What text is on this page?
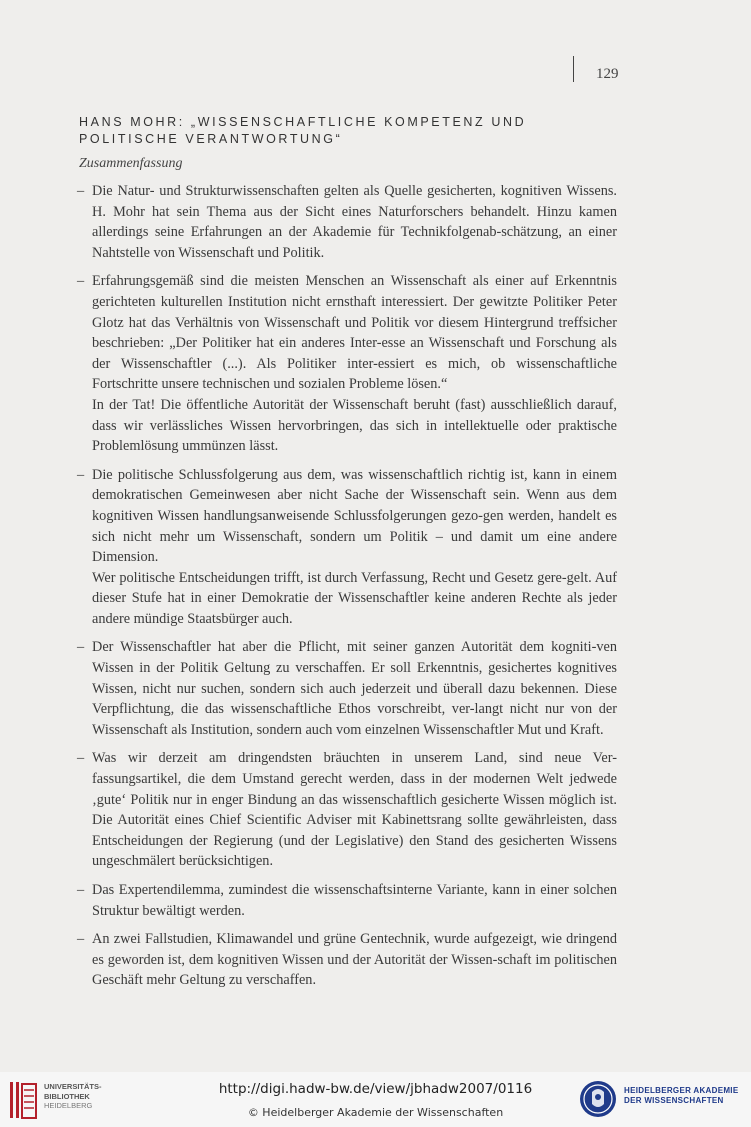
129
HANS MOHR: „WISSENSCHAFTLICHE KOMPETENZ UND
POLITISCHE VERANTWORTUNG“
Zusammenfassung
– Die Natur- und Strukturwissenschaften gelten als Quelle gesicherten, kognitiven Wissens. H. Mohr hat sein Thema aus der Sicht eines Naturforschers behandelt. Hinzu kamen allerdings seine Erfahrungen an der Akademie für Technikfolgenab-schätzung, an einer Nahtstelle von Wissenschaft und Politik.

– Erfahrungsgemäß sind die meisten Menschen an Wissenschaft als einer auf Erkenntnis gerichteten kulturellen Institution nicht ernsthaft interessiert. Der gewitzte Politiker Peter Glotz hat das Verhältnis von Wissenschaft und Politik vor diesem Hintergrund treffsicher beschrieben: „Der Politiker hat ein anderes Inter-esse an Wissenschaft und Forschung als der Wissenschaftler (...). Als Politiker inter-essiert es mich, ob wissenschaftliche Fortschritte unsere technischen und sozialen Probleme lösen.“

In der Tat! Die öffentliche Autorität der Wissenschaft beruht (fast) ausschließlich darauf, dass wir verlässliches Wissen hervorbringen, das sich in intellektuelle oder praktische Problemlösung ummünzen lässt.

– Die politische Schlussfolgerung aus dem, was wissenschaftlich richtig ist, kann in einem demokratischen Gemeinwesen aber nicht Sache der Wissenschaft sein. Wenn aus dem kognitiven Wissen handlungsanweisende Schlussfolgerungen gezo-gen werden, handelt es sich nicht mehr um Wissenschaft, sondern um Politik – und damit um eine andere Dimension.

Wer politische Entscheidungen trifft, ist durch Verfassung, Recht und Gesetz gere-gelt. Auf dieser Stufe hat in einer Demokratie der Wissenschaftler keine anderen Rechte als jeder andere mündige Staatsbürger auch.

– Der Wissenschaftler hat aber die Pflicht, mit seiner ganzen Autorität dem kogniti-ven Wissen in der Politik Geltung zu verschaffen. Er soll Erkenntnis, gesichertes kognitives Wissen, nicht nur suchen, sondern sich auch jederzeit und überall dazu bekennen. Diese Verpflichtung, die das wissenschaftliche Ethos vorschreibt, ver-langt nicht nur von der Wissenschaft als Institution, sondern auch vom einzelnen Wissenschaftler Mut und Kraft.

– Was wir derzeit am dringendsten bräuchten in unserem Land, sind neue Ver-fassungsartikel, die dem Umstand gerecht werden, dass in der modernen Welt jedwede ‚gute‘ Politik nur in enger Bindung an das wissenschaftlich gesicherte Wissen möglich ist. Die Autorität eines Chief Scientific Adviser mit Kabinettsrang sollte gewährleisten, dass Entscheidungen der Regierung (und der Legislative) den Stand des gesicherten Wissens ungeschmälert berücksichtigen.

– Das Expertendilemma, zumindest die wissenschaftsinterne Variante, kann in einer solchen Struktur bewältigt werden.

– An zwei Fallstudien, Klimawandel und grüne Gentechnik, wurde aufgezeigt, wie dringend es geworden ist, dem kognitiven Wissen und der Autorität der Wissen-schaft im politischen Geschäft mehr Geltung zu verschaffen.

UNIVERSITÄTS-
BIBLIOTHEK
HEIDELBERG
http://digi.hadw-bw.de/view/jbhadw2007/0116
© Heidelberger Akademie der Wissenschaften
HEIDELBERGER AKADEMIE
DER WISSENSCHAFTEN
